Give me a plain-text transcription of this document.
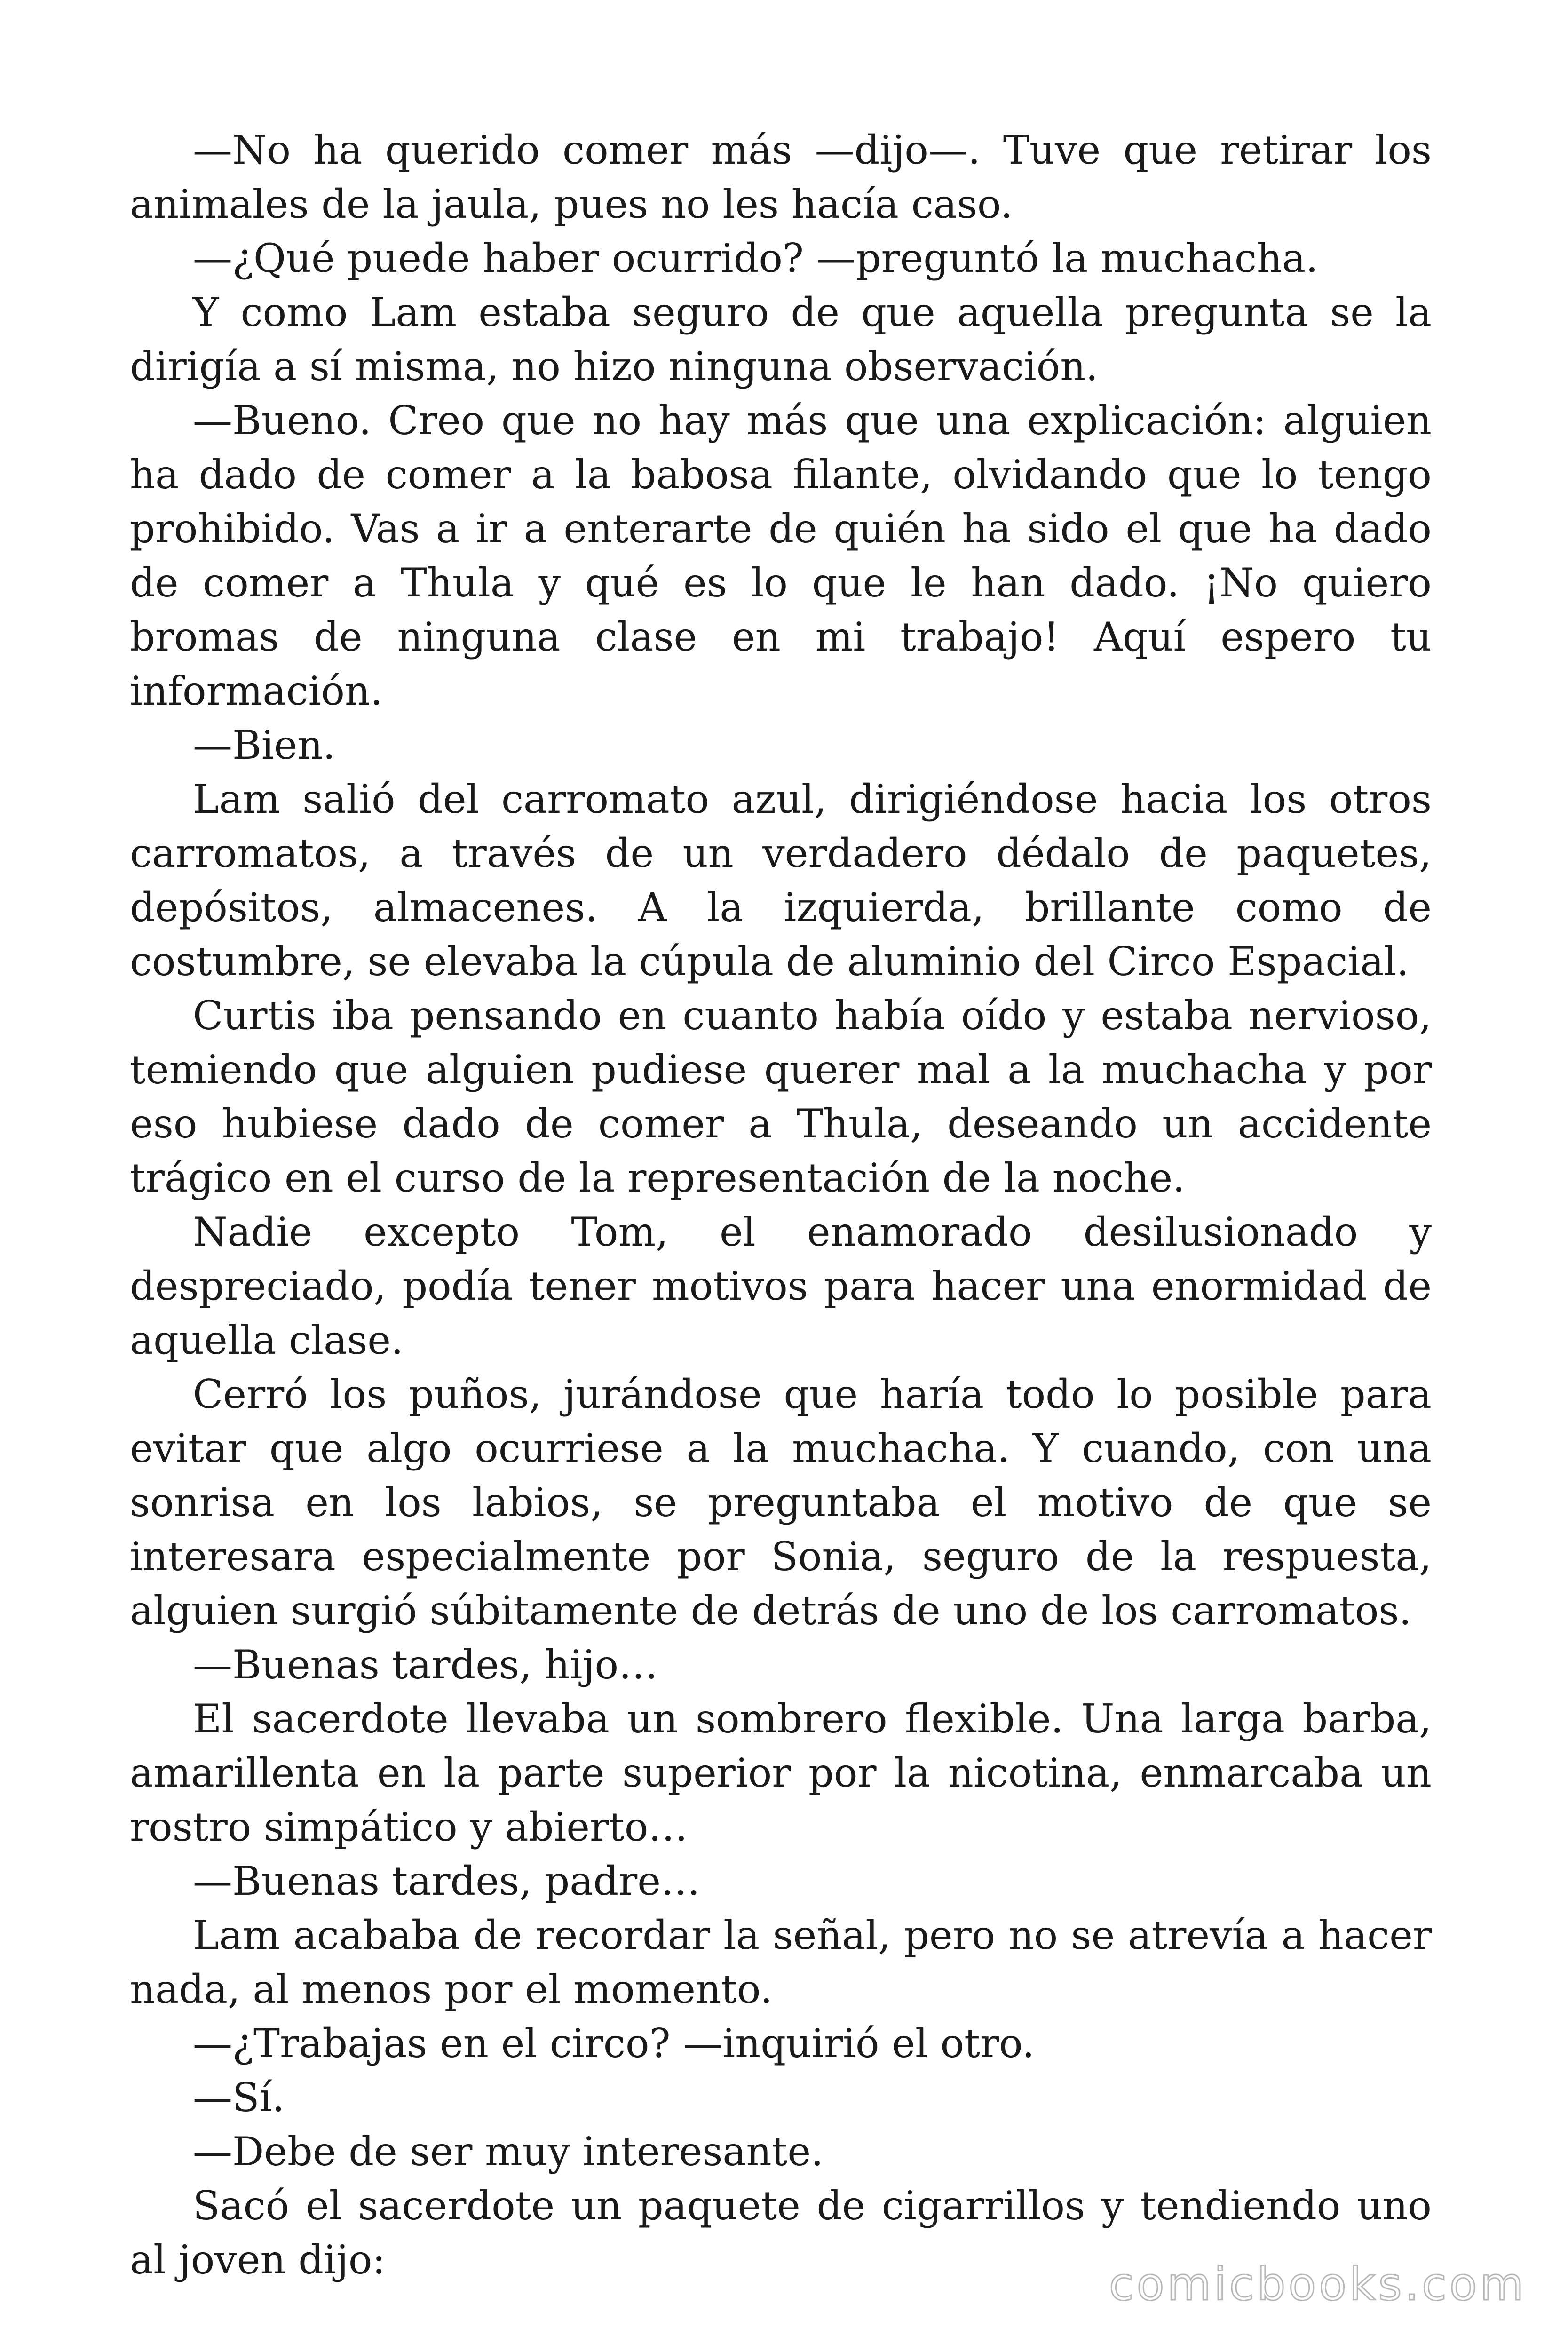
—No ha querido comer más —dijo—. Tuve que retirar los animales de la jaula, pues no les hacía caso.

—¿Qué puede haber ocurrido? —preguntó la muchacha.

Y como Lam estaba seguro de que aquella pregunta se la dirigía a sí misma, no hizo ninguna observación.

—Bueno. Creo que no hay más que una explicación: alguien ha dado de comer a la babosa filante, olvidando que lo tengo prohibido. Vas a ir a enterarte de quién ha sido el que ha dado de comer a Thula y qué es lo que le han dado. ¡No quiero bromas de ninguna clase en mi trabajo! Aquí espero tu información.

—Bien.

Lam salió del carromato azul, dirigiéndose hacia los otros carromatos, a través de un verdadero dédalo de paquetes, depósitos, almacenes. A la izquierda, brillante como de costumbre, se elevaba la cúpula de aluminio del Circo Espacial.

Curtis iba pensando en cuanto había oído y estaba nervioso, temiendo que alguien pudiese querer mal a la muchacha y por eso hubiese dado de comer a Thula, deseando un accidente trágico en el curso de la representación de la noche.

Nadie excepto Tom, el enamorado desilusionado y despreciado, podía tener motivos para hacer una enormidad de aquella clase.

Cerró los puños, jurándose que haría todo lo posible para evitar que algo ocurriese a la muchacha. Y cuando, con una sonrisa en los labios, se preguntaba el motivo de que se interesara especialmente por Sonia, seguro de la respuesta, alguien surgió súbitamente de detrás de uno de los carromatos.

—Buenas tardes, hijo…

El sacerdote llevaba un sombrero flexible. Una larga barba, amarillenta en la parte superior por la nicotina, enmarcaba un rostro simpático y abierto…

—Buenas tardes, padre…

Lam acababa de recordar la señal, pero no se atrevía a hacer nada, al menos por el momento.

—¿Trabajas en el circo? —inquirió el otro.

—Sí.

—Debe de ser muy interesante.

Sacó el sacerdote un paquete de cigarrillos y tendiendo uno al joven dijo:	comicbooks.com
